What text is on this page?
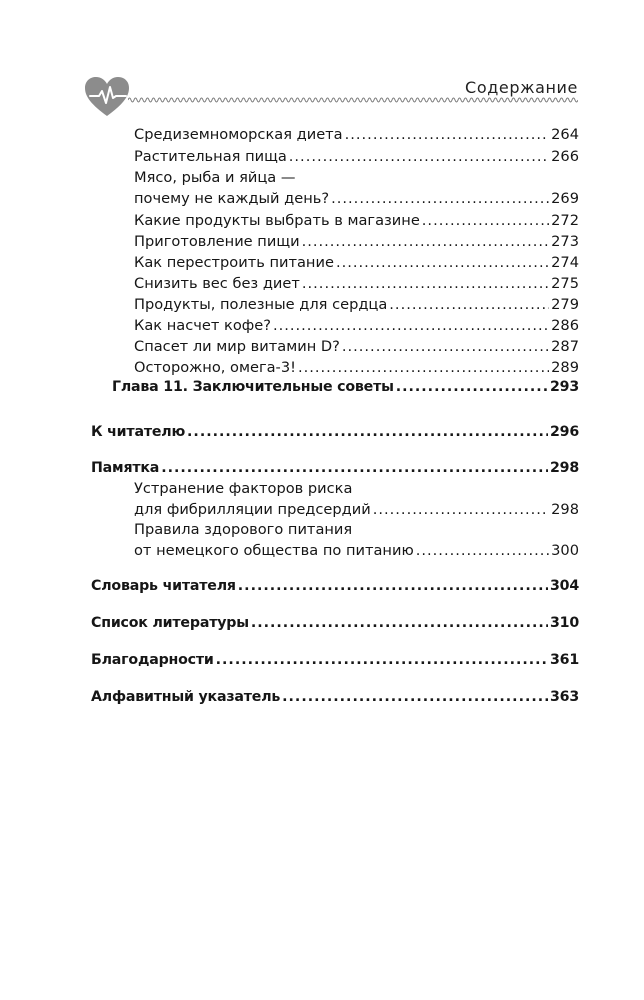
Содержание
Средиземноморская диета .....	264
Растительная пища .....	266
Мясо, рыба и яйца —
почему не каждый день? .....	269
Какие продукты выбрать в магазине .....	272
Приготовление пищи .....	273
Как перестроить питание .....	274
Снизить вес без диет .....	275
Продукты, полезные для сердца .....	279
Как насчет кофе? .....	286
Спасет ли мир витамин D? .....	287
Осторожно, омега-3! .....	289
Глава 11. Заключительные советы .....	293
К читателю .....	296
Памятка .....	298
Устранение факторов риска
для фибрилляции предсердий .....	298
Правила здорового питания
от немецкого общества по питанию .....	300
Словарь читателя .....	304
Список литературы .....	310
Благодарности .....	361
Алфавитный указатель .....	363
